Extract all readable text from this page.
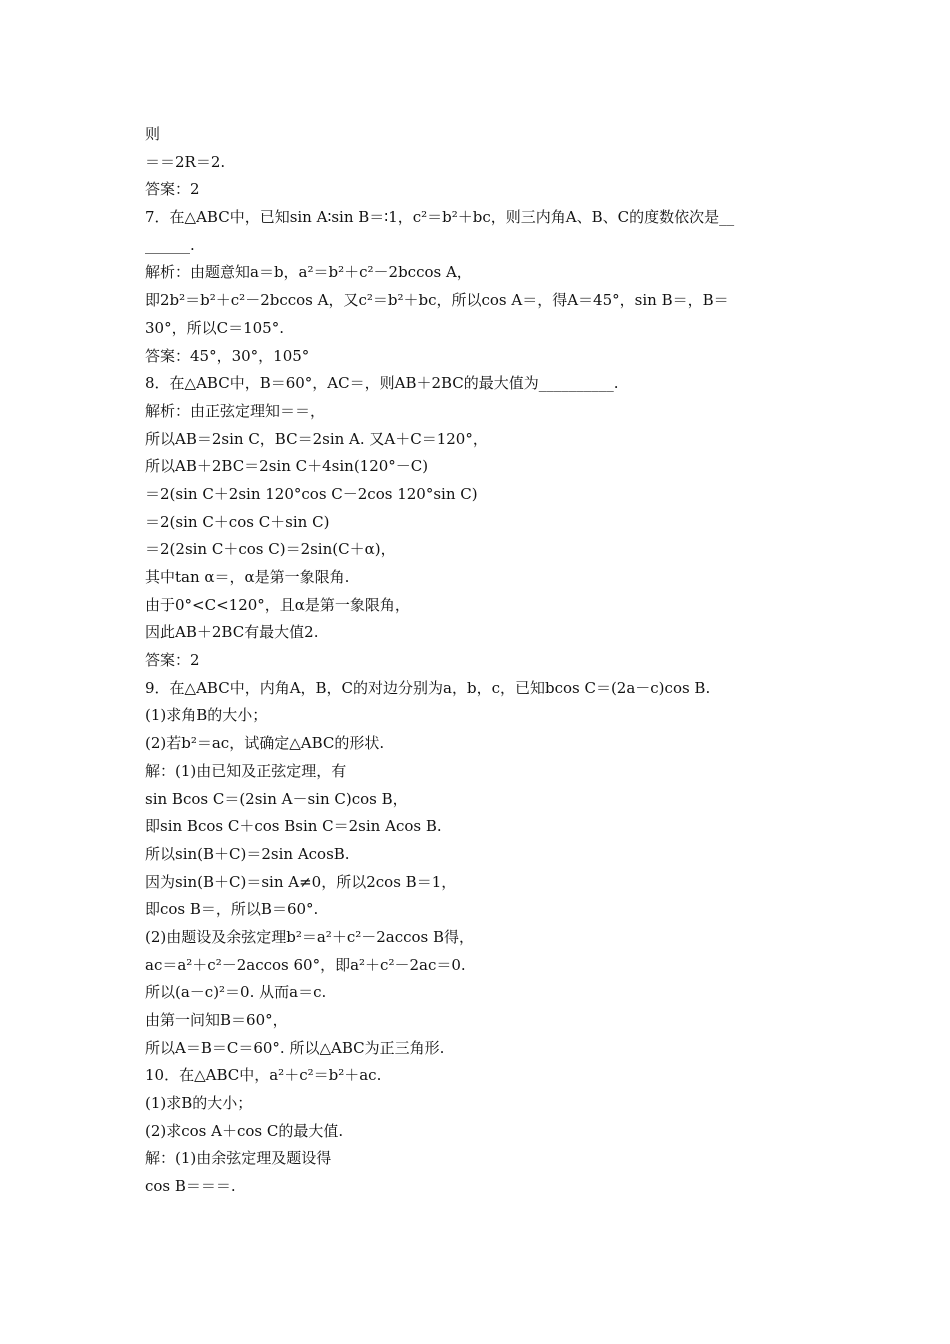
则
＝＝2R＝2.
答案：2
7．在△ABC中，已知sin A∶sin B＝∶1，c²＝b²＋bc，则三内角A、B、C的度数依次是__
______.
解析：由题意知a＝b，a²＝b²＋c²－2bccos A，
即2b²＝b²＋c²－2bccos A，又c²＝b²＋bc，所以cos A＝，得A＝45°，sin B＝，B＝
30°，所以C＝105°.
答案：45°，30°，105°
8．在△ABC中，B＝60°，AC＝，则AB＋2BC的最大值为__________.
解析：由正弦定理知＝＝，
所以AB＝2sin C，BC＝2sin A. 又A＋C＝120°，
所以AB＋2BC＝2sin C＋4sin(120°－C)
＝2(sin C＋2sin 120°cos C－2cos 120°sin C)
＝2(sin C＋cos C＋sin C)
＝2(2sin C＋cos C)＝2sin(C＋α)，
其中tan α＝，α是第一象限角.
由于0°<C<120°，且α是第一象限角，
因此AB＋2BC有最大值2.
答案：2
9．在△ABC中，内角A，B，C的对边分别为a，b，c，已知bcos C＝(2a－c)cos B.
(1)求角B的大小；
(2)若b²＝ac，试确定△ABC的形状.
解：(1)由已知及正弦定理，有
sin Bcos C＝(2sin A－sin C)cos B，
即sin Bcos C＋cos Bsin C＝2sin Acos B.
所以sin(B＋C)＝2sin AcosB.
因为sin(B＋C)＝sin A≠0，所以2cos B＝1，
即cos B＝，所以B＝60°.
(2)由题设及余弦定理b²＝a²＋c²－2accos B得，
ac＝a²＋c²－2accos 60°，即a²＋c²－2ac＝0.
所以(a－c)²＝0. 从而a＝c.
由第一问知B＝60°，
所以A＝B＝C＝60°. 所以△ABC为正三角形.
10．在△ABC中，a²＋c²＝b²＋ac.
(1)求B的大小；
(2)求cos A＋cos C的最大值.
解：(1)由余弦定理及题设得
cos B＝＝＝.
